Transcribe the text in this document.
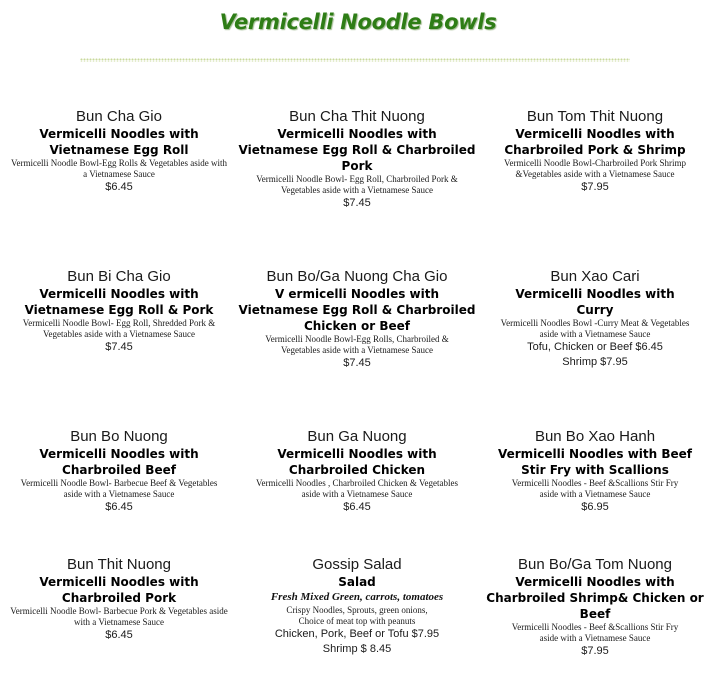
Vermicelli Noodle Bowls
Bun Cha Gio
Vermicelli Noodles with Vietnamese Egg Roll
Vermicelli Noodle Bowl-Egg Rolls & Vegetables aside with a Vietnamese Sauce
$6.45
Bun Cha Thit Nuong
Vermicelli Noodles with Vietnamese Egg Roll & Charbroiled Pork
Vermicelli Noodle Bowl- Egg Roll, Charbroiled Pork & Vegetables aside with a Vietnamese Sauce
$7.45
Bun Tom Thit Nuong
Vermicelli Noodles with Charbroiled Pork & Shrimp
Vermicelli Noodle Bowl-Charbroiled Pork Shrimp &Vegetables aside with a Vietnamese Sauce
$7.95
Bun Bi Cha Gio
Vermicelli Noodles with Vietnamese Egg Roll & Pork
Vermicelli Noodle Bowl- Egg Roll, Shredded Pork & Vegetables aside with a Vietnamese Sauce
$7.45
Bun Bo/Ga Nuong Cha Gio
V ermicelli Noodles with Vietnamese Egg Roll & Charbroiled Chicken or Beef
Vermicelli Noodle Bowl-Egg Rolls, Charbroiled & Vegetables aside with a Vietnamese Sauce
$7.45
Bun Xao Cari
Vermicelli Noodles with Curry
Vermicelli Noodles Bowl -Curry Meat & Vegetables aside with a Vietnamese Sauce
Tofu, Chicken or Beef $6.45
Shrimp $7.95
Bun Bo Nuong
Vermicelli Noodles with Charbroiled Beef
Vermicelli Noodle Bowl- Barbecue Beef & Vegetables aside with a Vietnamese Sauce
$6.45
Bun Ga Nuong
Vermicelli Noodles with Charbroiled Chicken
Vermicelli Noodles , Charbroiled Chicken & Vegetables aside with a Vietnamese Sauce
$6.45
Bun Bo Xao Hanh
Vermicelli Noodles with Beef Stir Fry with Scallions
Vermicelli Noodles - Beef &Scallions Stir Fry aside with a Vietnamese Sauce
$6.95
Bun Thit Nuong
Vermicelli Noodles with Charbroiled Pork
Vermicelli Noodle Bowl- Barbecue Pork & Vegetables aside with a Vietnamese Sauce
$6.45
Gossip Salad
Salad
Fresh Mixed Green, carrots, tomatoes
Crispy Noodles, Sprouts, green onions, Choice of meat top with peanuts
Chicken, Pork, Beef or Tofu $7.95
Shrimp $ 8.45
Bun Bo/Ga Tom Nuong
Vermicelli Noodles with Charbroiled Shrimp& Chicken or Beef
Vermicelli Noodles - Beef &Scallions Stir Fry aside with a Vietnamese Sauce
$7.95
